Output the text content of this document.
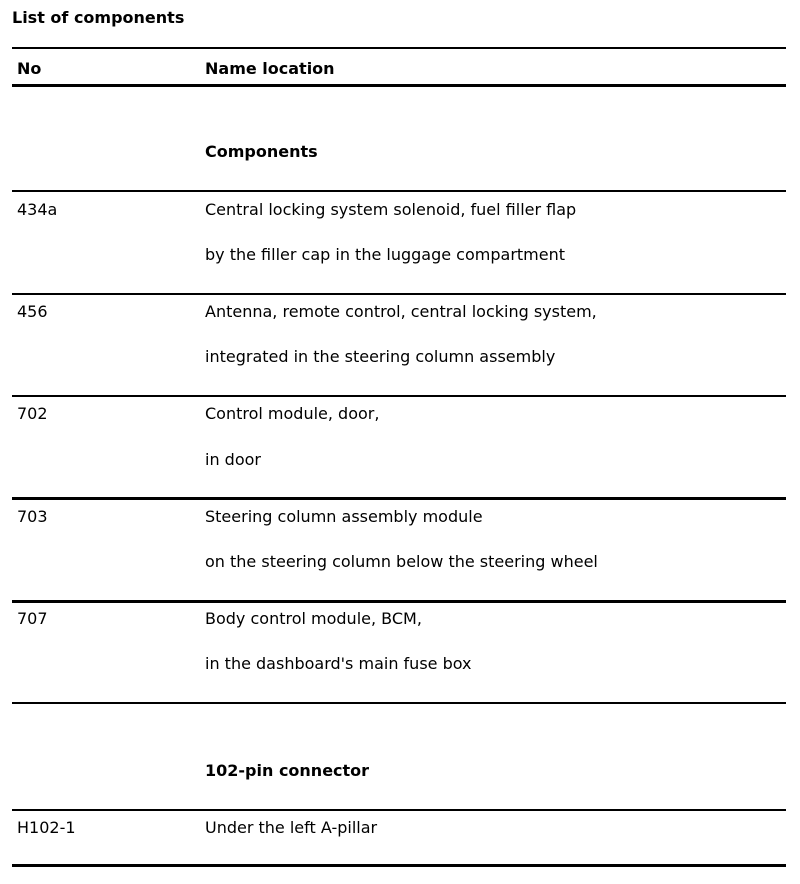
List of components
No	Name location
Components
434a	Central locking system solenoid, fuel filler flap
by the filler cap in the luggage compartment
456	Antenna, remote control, central locking system,
integrated in the steering column assembly
702	Control module, door,
in door
703	Steering column assembly module
on the steering column below the steering wheel
707	Body control module, BCM,
in the dashboard's main fuse box
102-pin connector
H102-1	Under the left A-pillar
